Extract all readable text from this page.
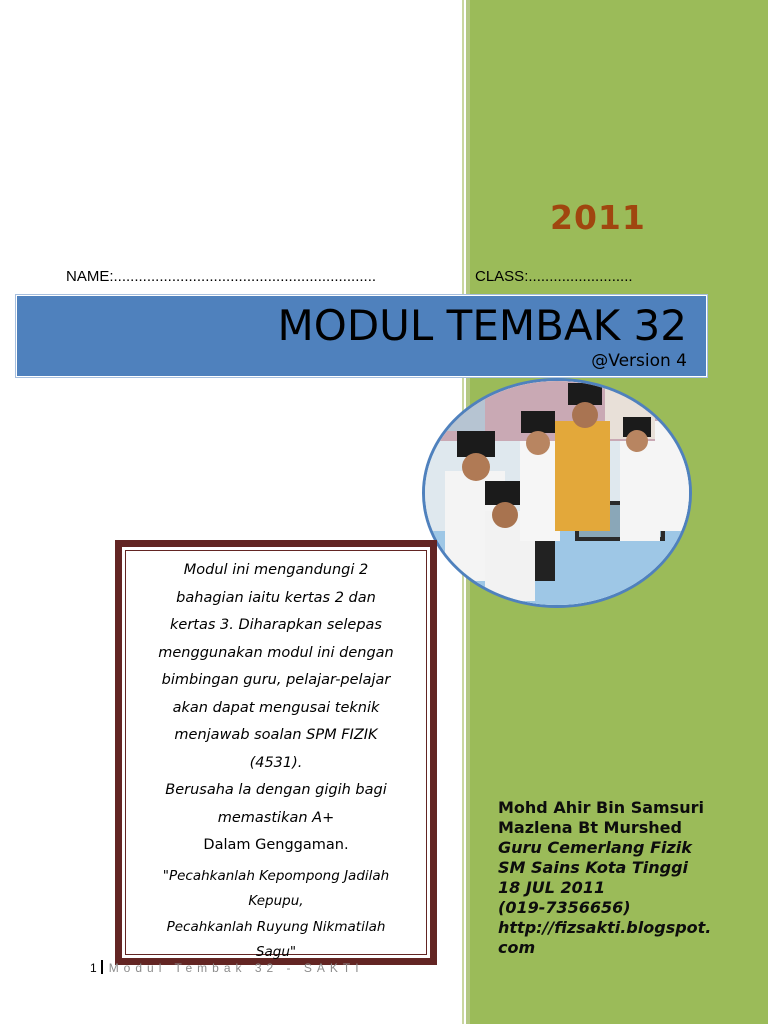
2011
NAME:...............................................................	CLASS:.........................
MODUL TEMBAK 32
@Version 4
Modul ini mengandungi 2
bahagian iaitu kertas 2 dan
kertas 3. Diharapkan selepas
menggunakan modul ini dengan
bimbingan guru, pelajar-pelajar
akan dapat mengusai teknik
menjawab soalan SPM FIZIK
(4531).
Berusaha la dengan gigih bagi
memastikan A+
Dalam Genggaman.
"Pecahkanlah Kepompong Jadilah
Kepupu,
Pecahkanlah Ruyung Nikmatilah
Sagu"
Mohd Ahir Bin Samsuri
Mazlena Bt Murshed
Guru Cemerlang Fizik
SM Sains Kota Tinggi
18 JUL 2011
(019-7356656)
http://fizsakti.blogspot.
com
1 Modul Tembak 32 - SAKTI
